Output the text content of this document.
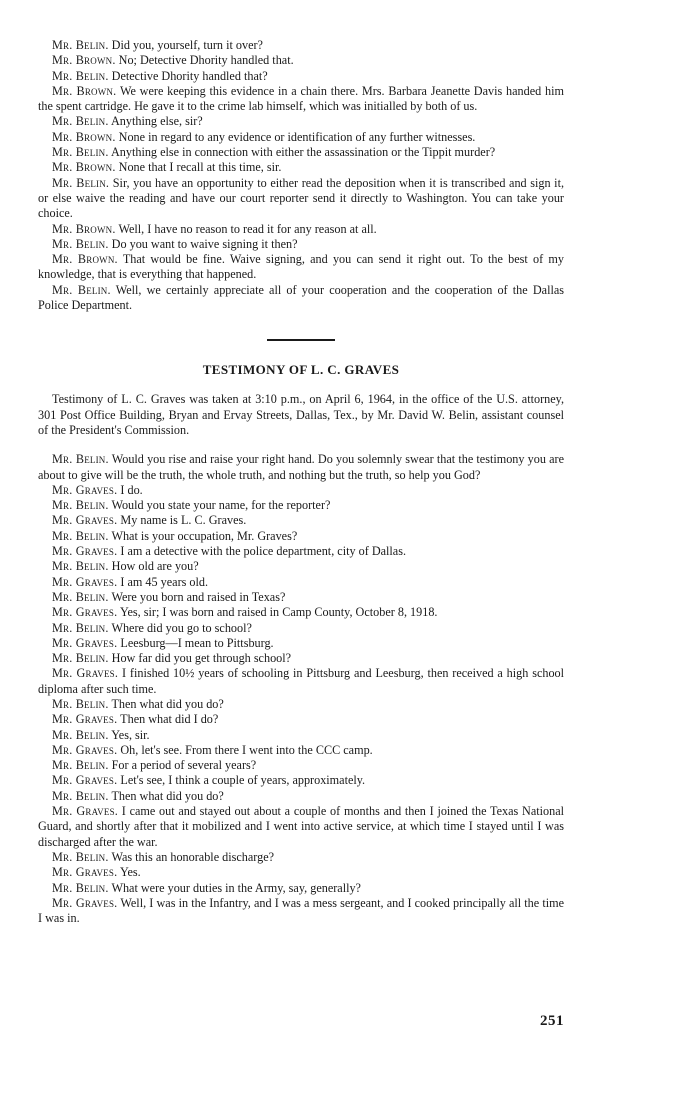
Mr. Belin. Did you, yourself, turn it over?

Mr. Brown. No; Detective Dhority handled that.

Mr. Belin. Detective Dhority handled that?

Mr. Brown. We were keeping this evidence in a chain there. Mrs. Barbara Jeanette Davis handed him the spent cartridge. He gave it to the crime lab himself, which was initialled by both of us.

Mr. Belin. Anything else, sir?

Mr. Brown. None in regard to any evidence or identification of any further witnesses.

Mr. Belin. Anything else in connection with either the assassination or the Tippit murder?

Mr. Brown. None that I recall at this time, sir.

Mr. Belin. Sir, you have an opportunity to either read the deposition when it is transcribed and sign it, or else waive the reading and have our court reporter send it directly to Washington. You can take your choice.

Mr. Brown. Well, I have no reason to read it for any reason at all.

Mr. Belin. Do you want to waive signing it then?

Mr. Brown. That would be fine. Waive signing, and you can send it right out. To the best of my knowledge, that is everything that happened.

Mr. Belin. Well, we certainly appreciate all of your cooperation and the cooperation of the Dallas Police Department.

TESTIMONY OF L. C. GRAVES

Testimony of L. C. Graves was taken at 3:10 p.m., on April 6, 1964, in the office of the U.S. attorney, 301 Post Office Building, Bryan and Ervay Streets, Dallas, Tex., by Mr. David W. Belin, assistant counsel of the President's Commission.

Mr. Belin. Would you rise and raise your right hand. Do you solemnly swear that the testimony you are about to give will be the truth, the whole truth, and nothing but the truth, so help you God?

Mr. Graves. I do.

Mr. Belin. Would you state your name, for the reporter?

Mr. Graves. My name is L. C. Graves.

Mr. Belin. What is your occupation, Mr. Graves?

Mr. Graves. I am a detective with the police department, city of Dallas.

Mr. Belin. How old are you?

Mr. Graves. I am 45 years old.

Mr. Belin. Were you born and raised in Texas?

Mr. Graves. Yes, sir; I was born and raised in Camp County, October 8, 1918.

Mr. Belin. Where did you go to school?

Mr. Graves. Leesburg—I mean to Pittsburg.

Mr. Belin. How far did you get through school?

Mr. Graves. I finished 10½ years of schooling in Pittsburg and Leesburg, then received a high school diploma after such time.

Mr. Belin. Then what did you do?

Mr. Graves. Then what did I do?

Mr. Belin. Yes, sir.

Mr. Graves. Oh, let's see. From there I went into the CCC camp.

Mr. Belin. For a period of several years?

Mr. Graves. Let's see, I think a couple of years, approximately.

Mr. Belin. Then what did you do?

Mr. Graves. I came out and stayed out about a couple of months and then I joined the Texas National Guard, and shortly after that it mobilized and I went into active service, at which time I stayed until I was discharged after the war.

Mr. Belin. Was this an honorable discharge?

Mr. Graves. Yes.

Mr. Belin. What were your duties in the Army, say, generally?

Mr. Graves. Well, I was in the Infantry, and I was a mess sergeant, and I cooked principally all the time I was in.

251
